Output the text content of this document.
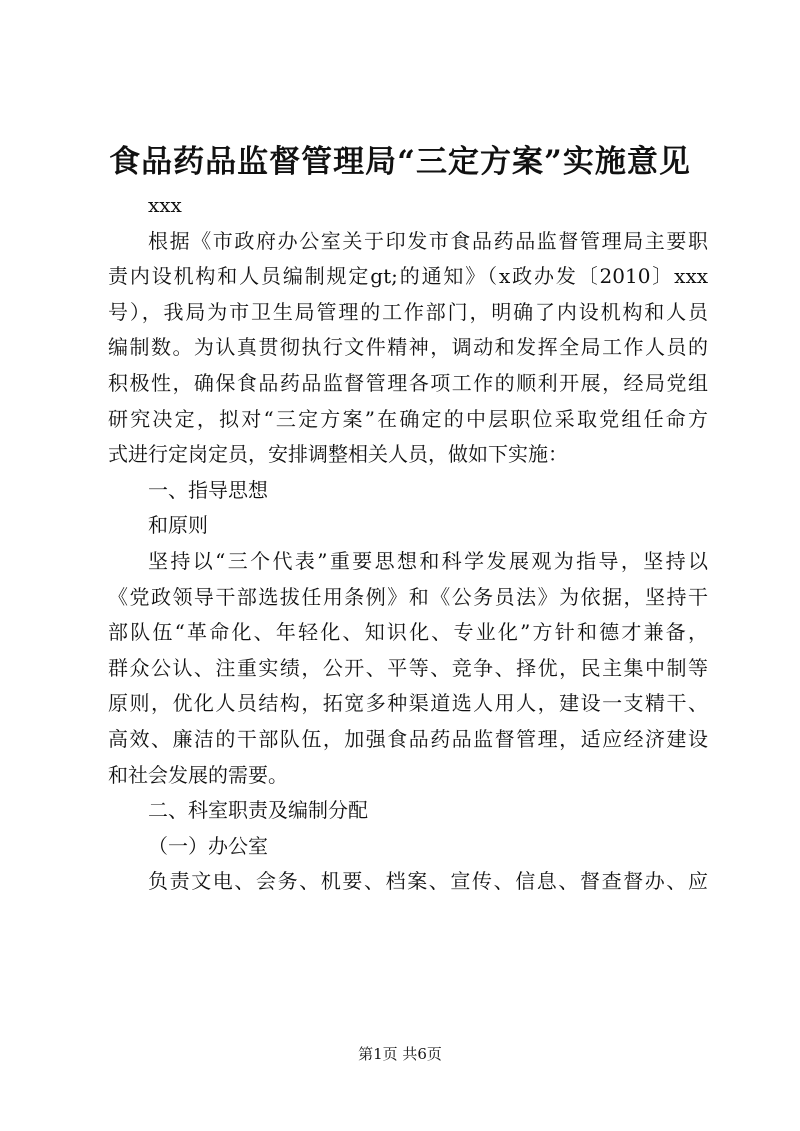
食品药品监督管理局“三定方案”实施意见
xxx
根据《市政府办公室关于印发市食品药品监督管理局主要职
责内设机构和人员编制规定gt;的通知》（x政办发〔2010〕xxx
号），我局为市卫生局管理的工作部门，明确了内设机构和人员
编制数。为认真贯彻执行文件精神，调动和发挥全局工作人员的
积极性，确保食品药品监督管理各项工作的顺利开展，经局党组
研究决定，拟对“三定方案”在确定的中层职位采取党组任命方
式进行定岗定员，安排调整相关人员，做如下实施：
一、指导思想
和原则
坚持以“三个代表”重要思想和科学发展观为指导，坚持以
《党政领导干部选拔任用条例》和《公务员法》为依据，坚持干
部队伍“革命化、年轻化、知识化、专业化”方针和德才兼备，
群众公认、注重实绩，公开、平等、竞争、择优，民主集中制等
原则，优化人员结构，拓宽多种渠道选人用人，建设一支精干、
高效、廉洁的干部队伍，加强食品药品监督管理，适应经济建设
和社会发展的需要。
二、科室职责及编制分配
（一）办公室
负责文电、会务、机要、档案、宣传、信息、督查督办、应
第1页 共6页
